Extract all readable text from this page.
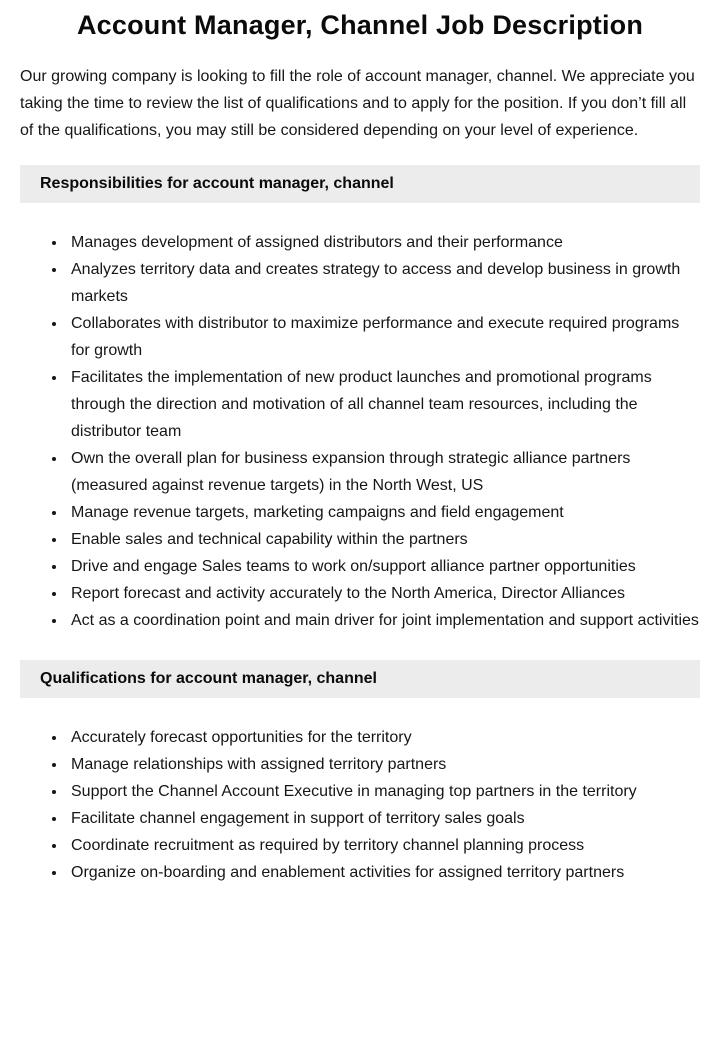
Account Manager, Channel Job Description

Our growing company is looking to fill the role of account manager, channel. We appreciate you taking the time to review the list of qualifications and to apply for the position. If you don’t fill all of the qualifications, you may still be considered depending on your level of experience.

Responsibilities for account manager, channel
• Manages development of assigned distributors and their performance
• Analyzes territory data and creates strategy to access and develop business in growth markets
• Collaborates with distributor to maximize performance and execute required programs for growth
• Facilitates the implementation of new product launches and promotional programs through the direction and motivation of all channel team resources, including the distributor team
• Own the overall plan for business expansion through strategic alliance partners (measured against revenue targets) in the North West, US
• Manage revenue targets, marketing campaigns and field engagement
• Enable sales and technical capability within the partners
• Drive and engage Sales teams to work on/support alliance partner opportunities
• Report forecast and activity accurately to the North America, Director Alliances
• Act as a coordination point and main driver for joint implementation and support activities
Qualifications for account manager, channel
• Accurately forecast opportunities for the territory
• Manage relationships with assigned territory partners
• Support the Channel Account Executive in managing top partners in the territory
• Facilitate channel engagement in support of territory sales goals
• Coordinate recruitment as required by territory channel planning process
• Organize on-boarding and enablement activities for assigned territory partners
